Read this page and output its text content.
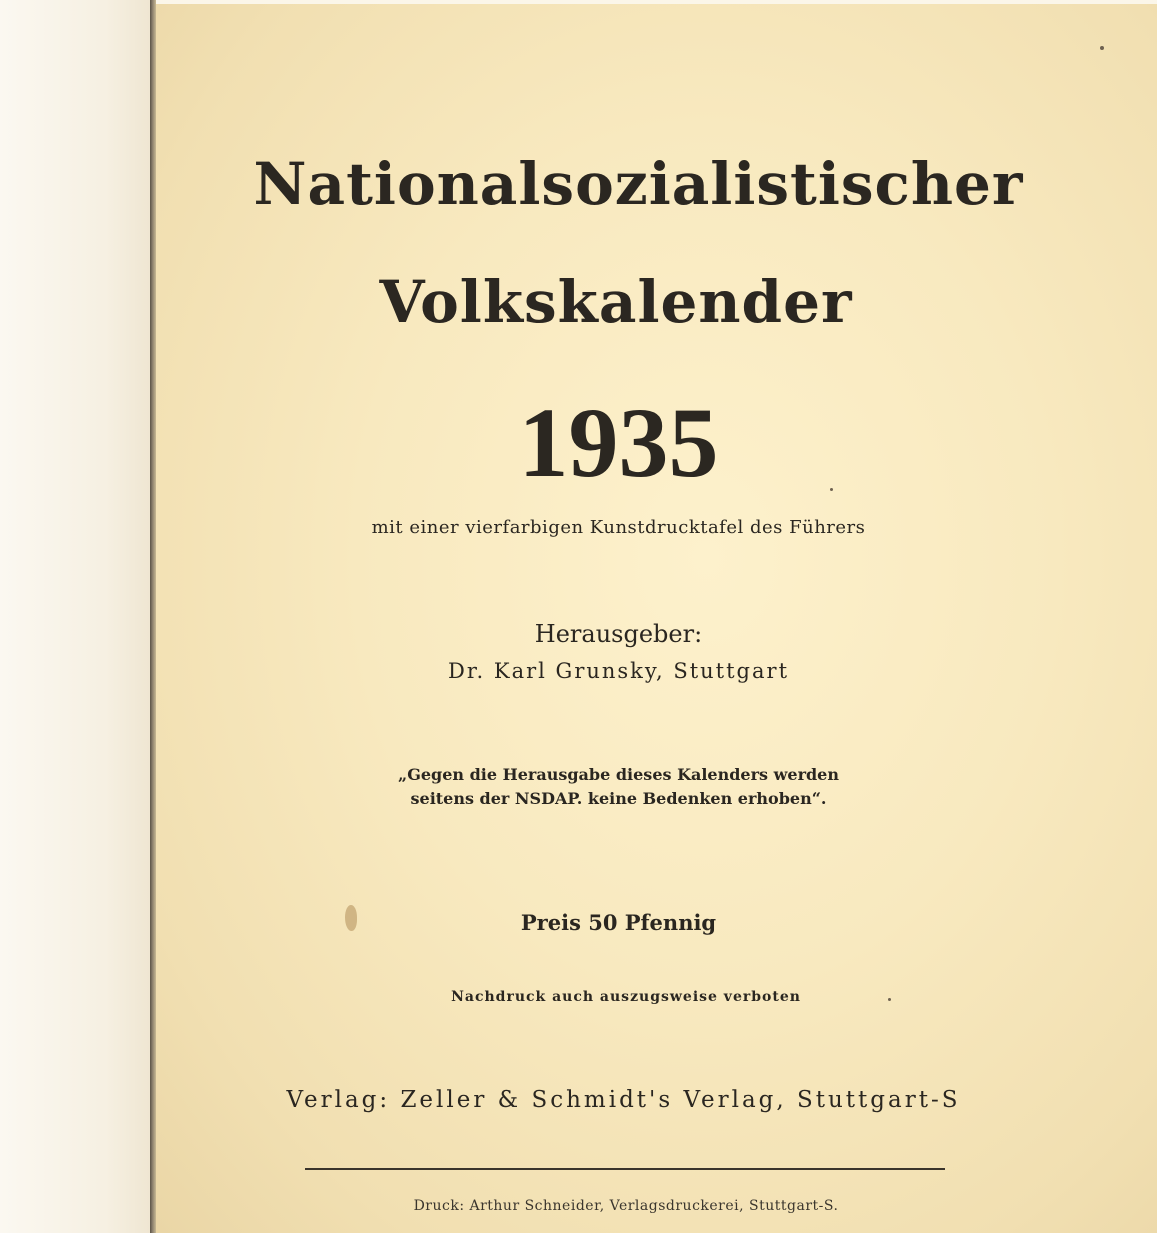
Nationalsozialistischer
Volkskalender
1935
mit einer vierfarbigen Kunstdrucktafel des Führers
Herausgeber:
Dr. Karl Grunsky, Stuttgart
„Gegen die Herausgabe dieses Kalenders werden
seitens der NSDAP. keine Bedenken erhoben“.
Preis 50 Pfennig
Nachdruck auch auszugsweise verboten
Verlag: Zeller & Schmidt's Verlag, Stuttgart-S
Druck: Arthur Schneider, Verlagsdruckerei, Stuttgart-S.
